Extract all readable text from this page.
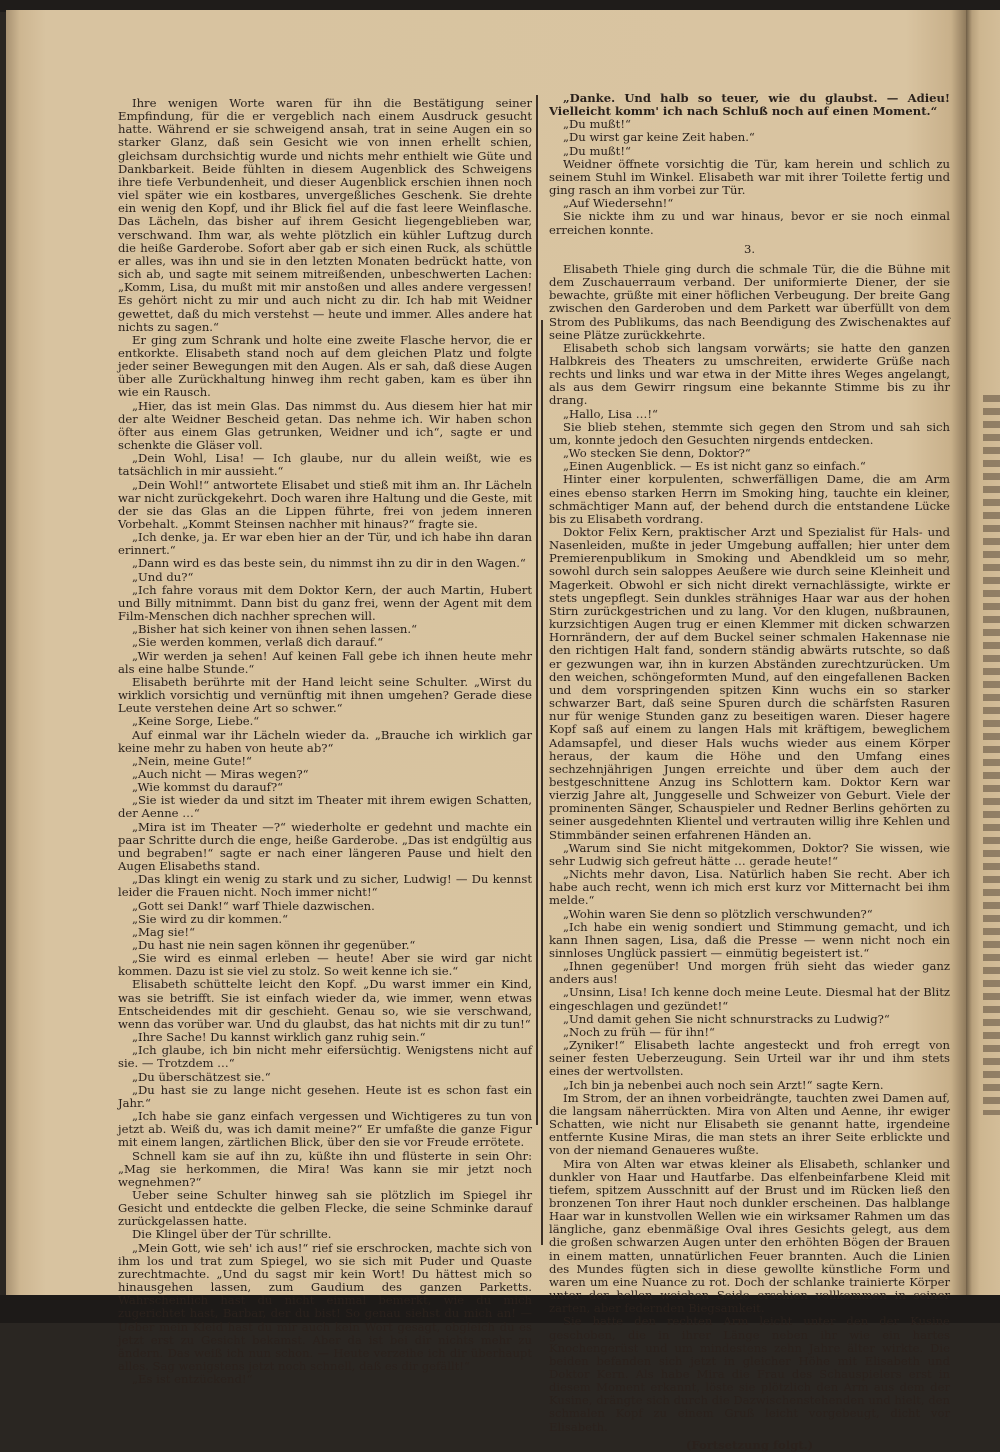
Ihre wenigen Worte waren für ihn die Bestätigung seiner Empfindung, für die er vergeblich nach einem Ausdruck gesucht hatte. Während er sie schweigend ansah, trat in seine Augen ein so starker Glanz, daß sein Gesicht wie von innen erhellt schien, gleichsam durchsichtig wurde und nichts mehr enthielt wie Güte und Dankbarkeit. Beide fühlten in diesem Augenblick des Schweigens ihre tiefe Verbundenheit, und dieser Augenblick erschien ihnen noch viel später wie ein kostbares, unvergeßliches Geschenk. Sie drehte ein wenig den Kopf, und ihr Blick fiel auf die fast leere Weinflasche. Das Lächeln, das bisher auf ihrem Gesicht liegengeblieben war, verschwand. Ihm war, als wehte plötzlich ein kühler Luftzug durch die heiße Garderobe. Sofort aber gab er sich einen Ruck, als schüttle er alles, was ihn und sie in den letzten Monaten bedrückt hatte, von sich ab, und sagte mit seinem mitreißenden, unbeschwerten Lachen: „Komm, Lisa, du mußt mit mir anstoßen und alles andere vergessen! Es gehört nicht zu mir und auch nicht zu dir. Ich hab mit Weidner gewettet, daß du mich verstehst — heute und immer. Alles andere hat nichts zu sagen.“

Er ging zum Schrank und holte eine zweite Flasche hervor, die er entkorkte. Elisabeth stand noch auf dem gleichen Platz und folgte jeder seiner Bewegungen mit den Augen. Als er sah, daß diese Augen über alle Zurückhaltung hinweg ihm recht gaben, kam es über ihn wie ein Rausch.

„Hier, das ist mein Glas. Das nimmst du. Aus diesem hier hat mir der alte Weidner Bescheid getan. Das nehme ich. Wir haben schon öfter aus einem Glas getrunken, Weidner und ich“, sagte er und schenkte die Gläser voll.

„Dein Wohl, Lisa! — Ich glaube, nur du allein weißt, wie es tatsächlich in mir aussieht.“

„Dein Wohl!“ antwortete Elisabet und stieß mit ihm an. Ihr Lächeln war nicht zurückgekehrt. Doch waren ihre Haltung und die Geste, mit der sie das Glas an die Lippen führte, frei von jedem inneren Vorbehalt. „Kommt Steinsen nachher mit hinaus?“ fragte sie.

„Ich denke, ja. Er war eben hier an der Tür, und ich habe ihn daran erinnert.“

„Dann wird es das beste sein, du nimmst ihn zu dir in den Wagen.“

„Und du?“

„Ich fahre voraus mit dem Doktor Kern, der auch Martin, Hubert und Billy mitnimmt. Dann bist du ganz frei, wenn der Agent mit dem Film-Menschen dich nachher sprechen will.

„Bisher hat sich keiner von ihnen sehen lassen.“

„Sie werden kommen, verlaß dich darauf.“

„Wir werden ja sehen! Auf keinen Fall gebe ich ihnen heute mehr als eine halbe Stunde.“

Elisabeth berührte mit der Hand leicht seine Schulter. „Wirst du wirklich vorsichtig und vernünftig mit ihnen umgehen? Gerade diese Leute verstehen deine Art so schwer.“

„Keine Sorge, Liebe.“

Auf einmal war ihr Lächeln wieder da. „Brauche ich wirklich gar keine mehr zu haben von heute ab?“

„Nein, meine Gute!“

„Auch nicht — Miras wegen?“

„Wie kommst du darauf?“

„Sie ist wieder da und sitzt im Theater mit ihrem ewigen Schatten, der Aenne …“

„Mira ist im Theater —?“ wiederholte er gedehnt und machte ein paar Schritte durch die enge, heiße Garderobe. „Das ist endgültig aus und begraben!“ sagte er nach einer längeren Pause und hielt den Augen Elisabeths stand.

„Das klingt ein wenig zu stark und zu sicher, Ludwig! — Du kennst leider die Frauen nicht. Noch immer nicht!“

„Gott sei Dank!“ warf Thiele dazwischen.

„Sie wird zu dir kommen.“

„Mag sie!“

„Du hast nie nein sagen können ihr gegenüber.“

„Sie wird es einmal erleben — heute! Aber sie wird gar nicht kommen. Dazu ist sie viel zu stolz. So weit kenne ich sie.“

Elisabeth schüttelte leicht den Kopf. „Du warst immer ein Kind, was sie betrifft. Sie ist einfach wieder da, wie immer, wenn etwas Entscheidendes mit dir geschieht. Genau so, wie sie verschwand, wenn das vorüber war. Und du glaubst, das hat nichts mit dir zu tun!“

„Ihre Sache! Du kannst wirklich ganz ruhig sein.“

„Ich glaube, ich bin nicht mehr eifersüchtig. Wenigstens nicht auf sie. — Trotzdem …“

„Du überschätzest sie.“

„Du hast sie zu lange nicht gesehen. Heute ist es schon fast ein Jahr.“

„Ich habe sie ganz einfach vergessen und Wichtigeres zu tun von jetzt ab. Weiß du, was ich damit meine?“ Er umfaßte die ganze Figur mit einem langen, zärtlichen Blick, über den sie vor Freude errötete.

Schnell kam sie auf ihn zu, küßte ihn und flüsterte in sein Ohr: „Mag sie herkommen, die Mira! Was kann sie mir jetzt noch wegnehmen?“

Ueber seine Schulter hinweg sah sie plötzlich im Spiegel ihr Gesicht und entdeckte die gelben Flecke, die seine Schminke darauf zurückgelassen hatte.

Die Klingel über der Tür schrillte.

„Mein Gott, wie seh' ich aus!“ rief sie erschrocken, machte sich von ihm los und trat zum Spiegel, wo sie sich mit Puder und Quaste zurechtmachte. „Und du sagst mir kein Wort! Du hättest mich so hinausgehen lassen, zum Gaudium des ganzen Parketts. Wahrscheinlich hast du nicht einmal bemerkt, wie du mich zugerichtet hast, Barbar, der du bist! So genau siehst du mich an! — Ueber mein Kleid hast du mir auch kein Wort gesagt, obgleich du es jetzt erst zu Gesicht bekamst. Aber da ist bei dir nichts mehr zu ändern. Das weiß ich nun schon. — Heute verzeihe ich dir überhaupt alles. Sag wenigstens jetzt noch schnell, daß es dir gefällt!“

„Es ist entzückend!“

„Danke. Und halb so teuer, wie du glaubst. — Adieu! Vielleicht komm' ich nach Schluß noch auf einen Moment.“

„Du mußt!“

„Du wirst gar keine Zeit haben.“

„Du mußt!“

Weidner öffnete vorsichtig die Tür, kam herein und schlich zu seinem Stuhl im Winkel. Elisabeth war mit ihrer Toilette fertig und ging rasch an ihm vorbei zur Tür.

„Auf Wiedersehn!“

Sie nickte ihm zu und war hinaus, bevor er sie noch einmal erreichen konnte.

3.

Elisabeth Thiele ging durch die schmale Tür, die die Bühne mit dem Zuschauerraum verband. Der uniformierte Diener, der sie bewachte, grüßte mit einer höflichen Verbeugung. Der breite Gang zwischen den Garderoben und dem Parkett war überfüllt von dem Strom des Publikums, das nach Beendigung des Zwischenaktes auf seine Plätze zurückkehrte.

Elisabeth schob sich langsam vorwärts; sie hatte den ganzen Halbkreis des Theaters zu umschreiten, erwiderte Grüße nach rechts und links und war etwa in der Mitte ihres Weges angelangt, als aus dem Gewirr ringsum eine bekannte Stimme bis zu ihr drang.

„Hallo, Lisa …!“

Sie blieb stehen, stemmte sich gegen den Strom und sah sich um, konnte jedoch den Gesuchten nirgends entdecken.

„Wo stecken Sie denn, Doktor?“

„Einen Augenblick. — Es ist nicht ganz so einfach.“

Hinter einer korpulenten, schwerfälligen Dame, die am Arm eines ebenso starken Herrn im Smoking hing, tauchte ein kleiner, schmächtiger Mann auf, der behend durch die entstandene Lücke bis zu Elisabeth vordrang.

Doktor Felix Kern, praktischer Arzt und Spezialist für Hals- und Nasenleiden, mußte in jeder Umgebung auffallen; hier unter dem Premierenpublikum in Smoking und Abendkleid um so mehr, sowohl durch sein saloppes Aeußere wie durch seine Kleinheit und Magerkeit. Obwohl er sich nicht direkt vernachlässigte, wirkte er stets ungepflegt. Sein dunkles strähniges Haar war aus der hohen Stirn zurückgestrichen und zu lang. Vor den klugen, nußbraunen, kurzsichtigen Augen trug er einen Klemmer mit dicken schwarzen Hornrändern, der auf dem Buckel seiner schmalen Hakennase nie den richtigen Halt fand, sondern ständig abwärts rutschte, so daß er gezwungen war, ihn in kurzen Abständen zurechtzurücken. Um den weichen, schöngeformten Mund, auf den eingefallenen Backen und dem vorspringenden spitzen Kinn wuchs ein so starker schwarzer Bart, daß seine Spuren durch die schärfsten Rasuren nur für wenige Stunden ganz zu beseitigen waren. Dieser hagere Kopf saß auf einem zu langen Hals mit kräftigem, beweglichem Adamsapfel, und dieser Hals wuchs wieder aus einem Körper heraus, der kaum die Höhe und den Umfang eines sechzehnjährigen Jungen erreichte und über dem auch der bestgeschnittene Anzug ins Schlottern kam. Doktor Kern war vierzig Jahre alt, Junggeselle und Schweizer von Geburt. Viele der prominenten Sänger, Schauspieler und Redner Berlins gehörten zu seiner ausgedehnten Klientel und vertrauten willig ihre Kehlen und Stimmbänder seinen erfahrenen Händen an.

„Warum sind Sie nicht mitgekommen, Doktor? Sie wissen, wie sehr Ludwig sich gefreut hätte … gerade heute!“

„Nichts mehr davon, Lisa. Natürlich haben Sie recht. Aber ich habe auch recht, wenn ich mich erst kurz vor Mitternacht bei ihm melde.“

„Wohin waren Sie denn so plötzlich verschwunden?“

„Ich habe ein wenig sondiert und Stimmung gemacht, und ich kann Ihnen sagen, Lisa, daß die Presse — wenn nicht noch ein sinnloses Unglück passiert — einmütig begeistert ist.“

„Ihnen gegenüber! Und morgen früh sieht das wieder ganz anders aus!

„Unsinn, Lisa! Ich kenne doch meine Leute. Diesmal hat der Blitz eingeschlagen und gezündet!“

„Und damit gehen Sie nicht schnurstracks zu Ludwig?“

„Noch zu früh — für ihn!“

„Zyniker!“ Elisabeth lachte angesteckt und froh erregt von seiner festen Ueberzeugung. Sein Urteil war ihr und ihm stets eines der wertvollsten.

„Ich bin ja nebenbei auch noch sein Arzt!“ sagte Kern.

Im Strom, der an ihnen vorbeidrängte, tauchten zwei Damen auf, die langsam näherrückten. Mira von Alten und Aenne, ihr ewiger Schatten, wie nicht nur Elisabeth sie genannt hatte, irgendeine entfernte Kusine Miras, die man stets an ihrer Seite erblickte und von der niemand Genaueres wußte.

Mira von Alten war etwas kleiner als Elisabeth, schlanker und dunkler von Haar und Hautfarbe. Das elfenbeinfarbene Kleid mit tiefem, spitzem Ausschnitt auf der Brust und im Rücken ließ den bronzenen Ton ihrer Haut noch dunkler erscheinen. Das halblange Haar war in kunstvollen Wellen wie ein wirksamer Rahmen um das längliche, ganz ebenmäßige Oval ihres Gesichts gelegt, aus dem die großen schwarzen Augen unter den erhöhten Bögen der Brauen in einem matten, unnatürlichen Feuer brannten. Auch die Linien des Mundes fügten sich in diese gewollte künstliche Form und waren um eine Nuance zu rot. Doch der schlanke trainierte Körper unter der hellen weichen Seide erschien vollkommen in seiner zarten, aber federnden Biegsamkeit.

Sie hatte den rechten Arm leicht unter den der Kusine geschoben, die in ihrer Länge neben ihr wie ein hartes Knochengerüst und um mindestens zehn Jahre älter wirkte. Die beiden befanden sich jetzt in gleicher Höhe mit Elisabeth und Doktor Kern. Als habe Mira die Frau des Schauspielers erst in diesem Moment erkannt, löste sie plötzlich den Arm aus dem der Kusine, drängte sich durch die Dazwischenstehenden und hielt, den schmalen Kopf zu einem Gruß leicht vorgebeugt, dicht vor Elisabeth.

(Fortsetzung folgt.)
